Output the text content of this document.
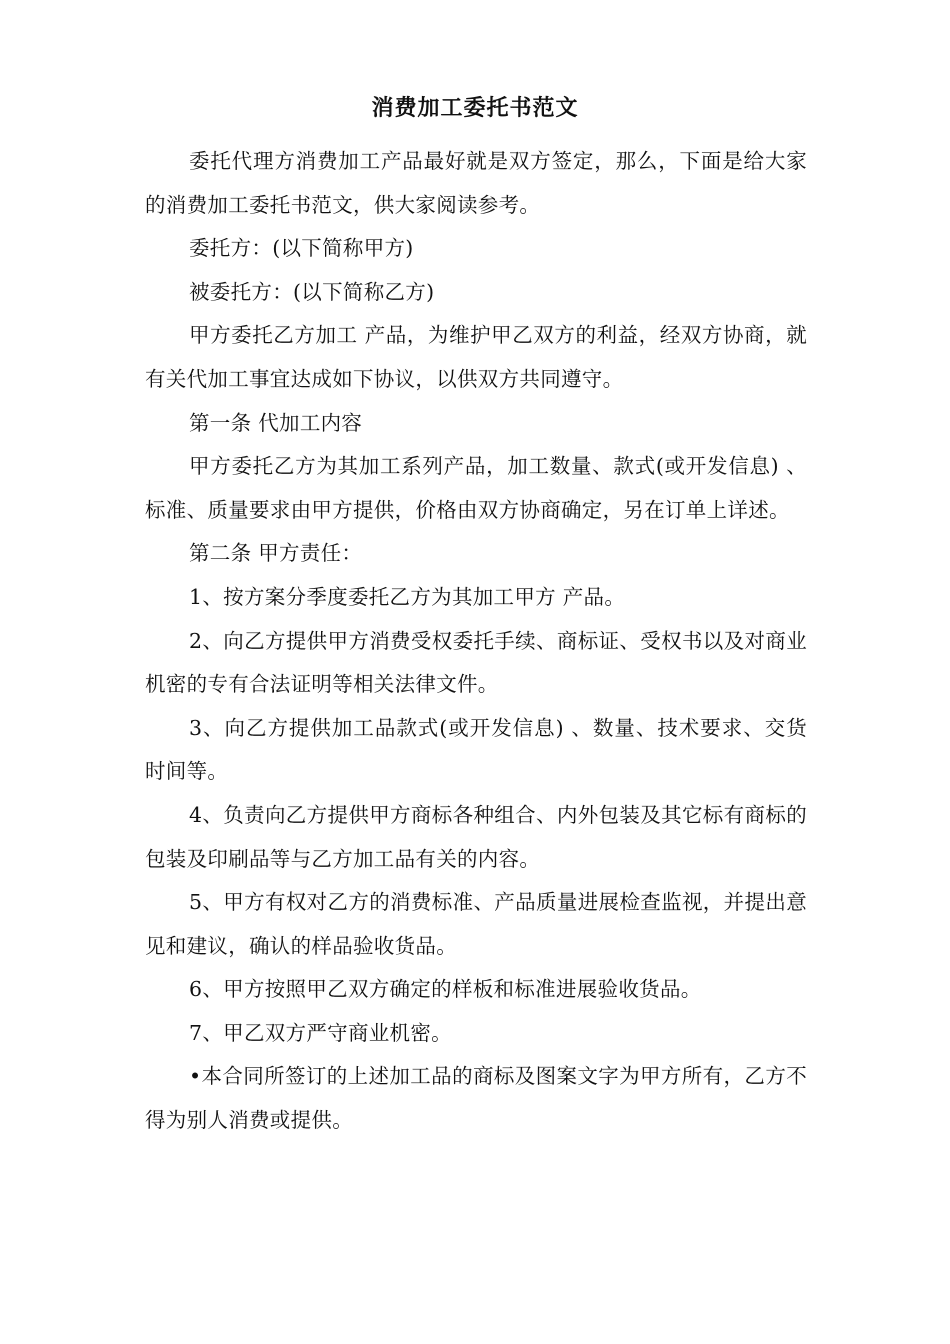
消费加工委托书范文

委托代理方消费加工产品最好就是双方签定，那么，下面是给大家的消费加工委托书范文，供大家阅读参考。

委托方：(以下简称甲方)

被委托方：(以下简称乙方)

甲方委托乙方加工 产品，为维护甲乙双方的利益，经双方协商，就有关代加工事宜达成如下协议，以供双方共同遵守。

第一条 代加工内容

甲方委托乙方为其加工系列产品，加工数量、款式(或开发信息) 、标准、质量要求由甲方提供，价格由双方协商确定，另在订单上详述。

第二条 甲方责任：

1、按方案分季度委托乙方为其加工甲方 产品。

2、向乙方提供甲方消费受权委托手续、商标证、受权书以及对商业机密的专有合法证明等相关法律文件。

3、向乙方提供加工品款式(或开发信息) 、数量、技术要求、交货时间等。

4、负责向乙方提供甲方商标各种组合、内外包装及其它标有商标的包装及印刷品等与乙方加工品有关的内容。

5、甲方有权对乙方的消费标准、产品质量进展检查监视，并提出意见和建议，确认的样品验收货品。

6、甲方按照甲乙双方确定的样板和标准进展验收货品。

7、甲乙双方严守商业机密。

•本合同所签订的上述加工品的商标及图案文字为甲方所有，乙方不得为别人消费或提供。
